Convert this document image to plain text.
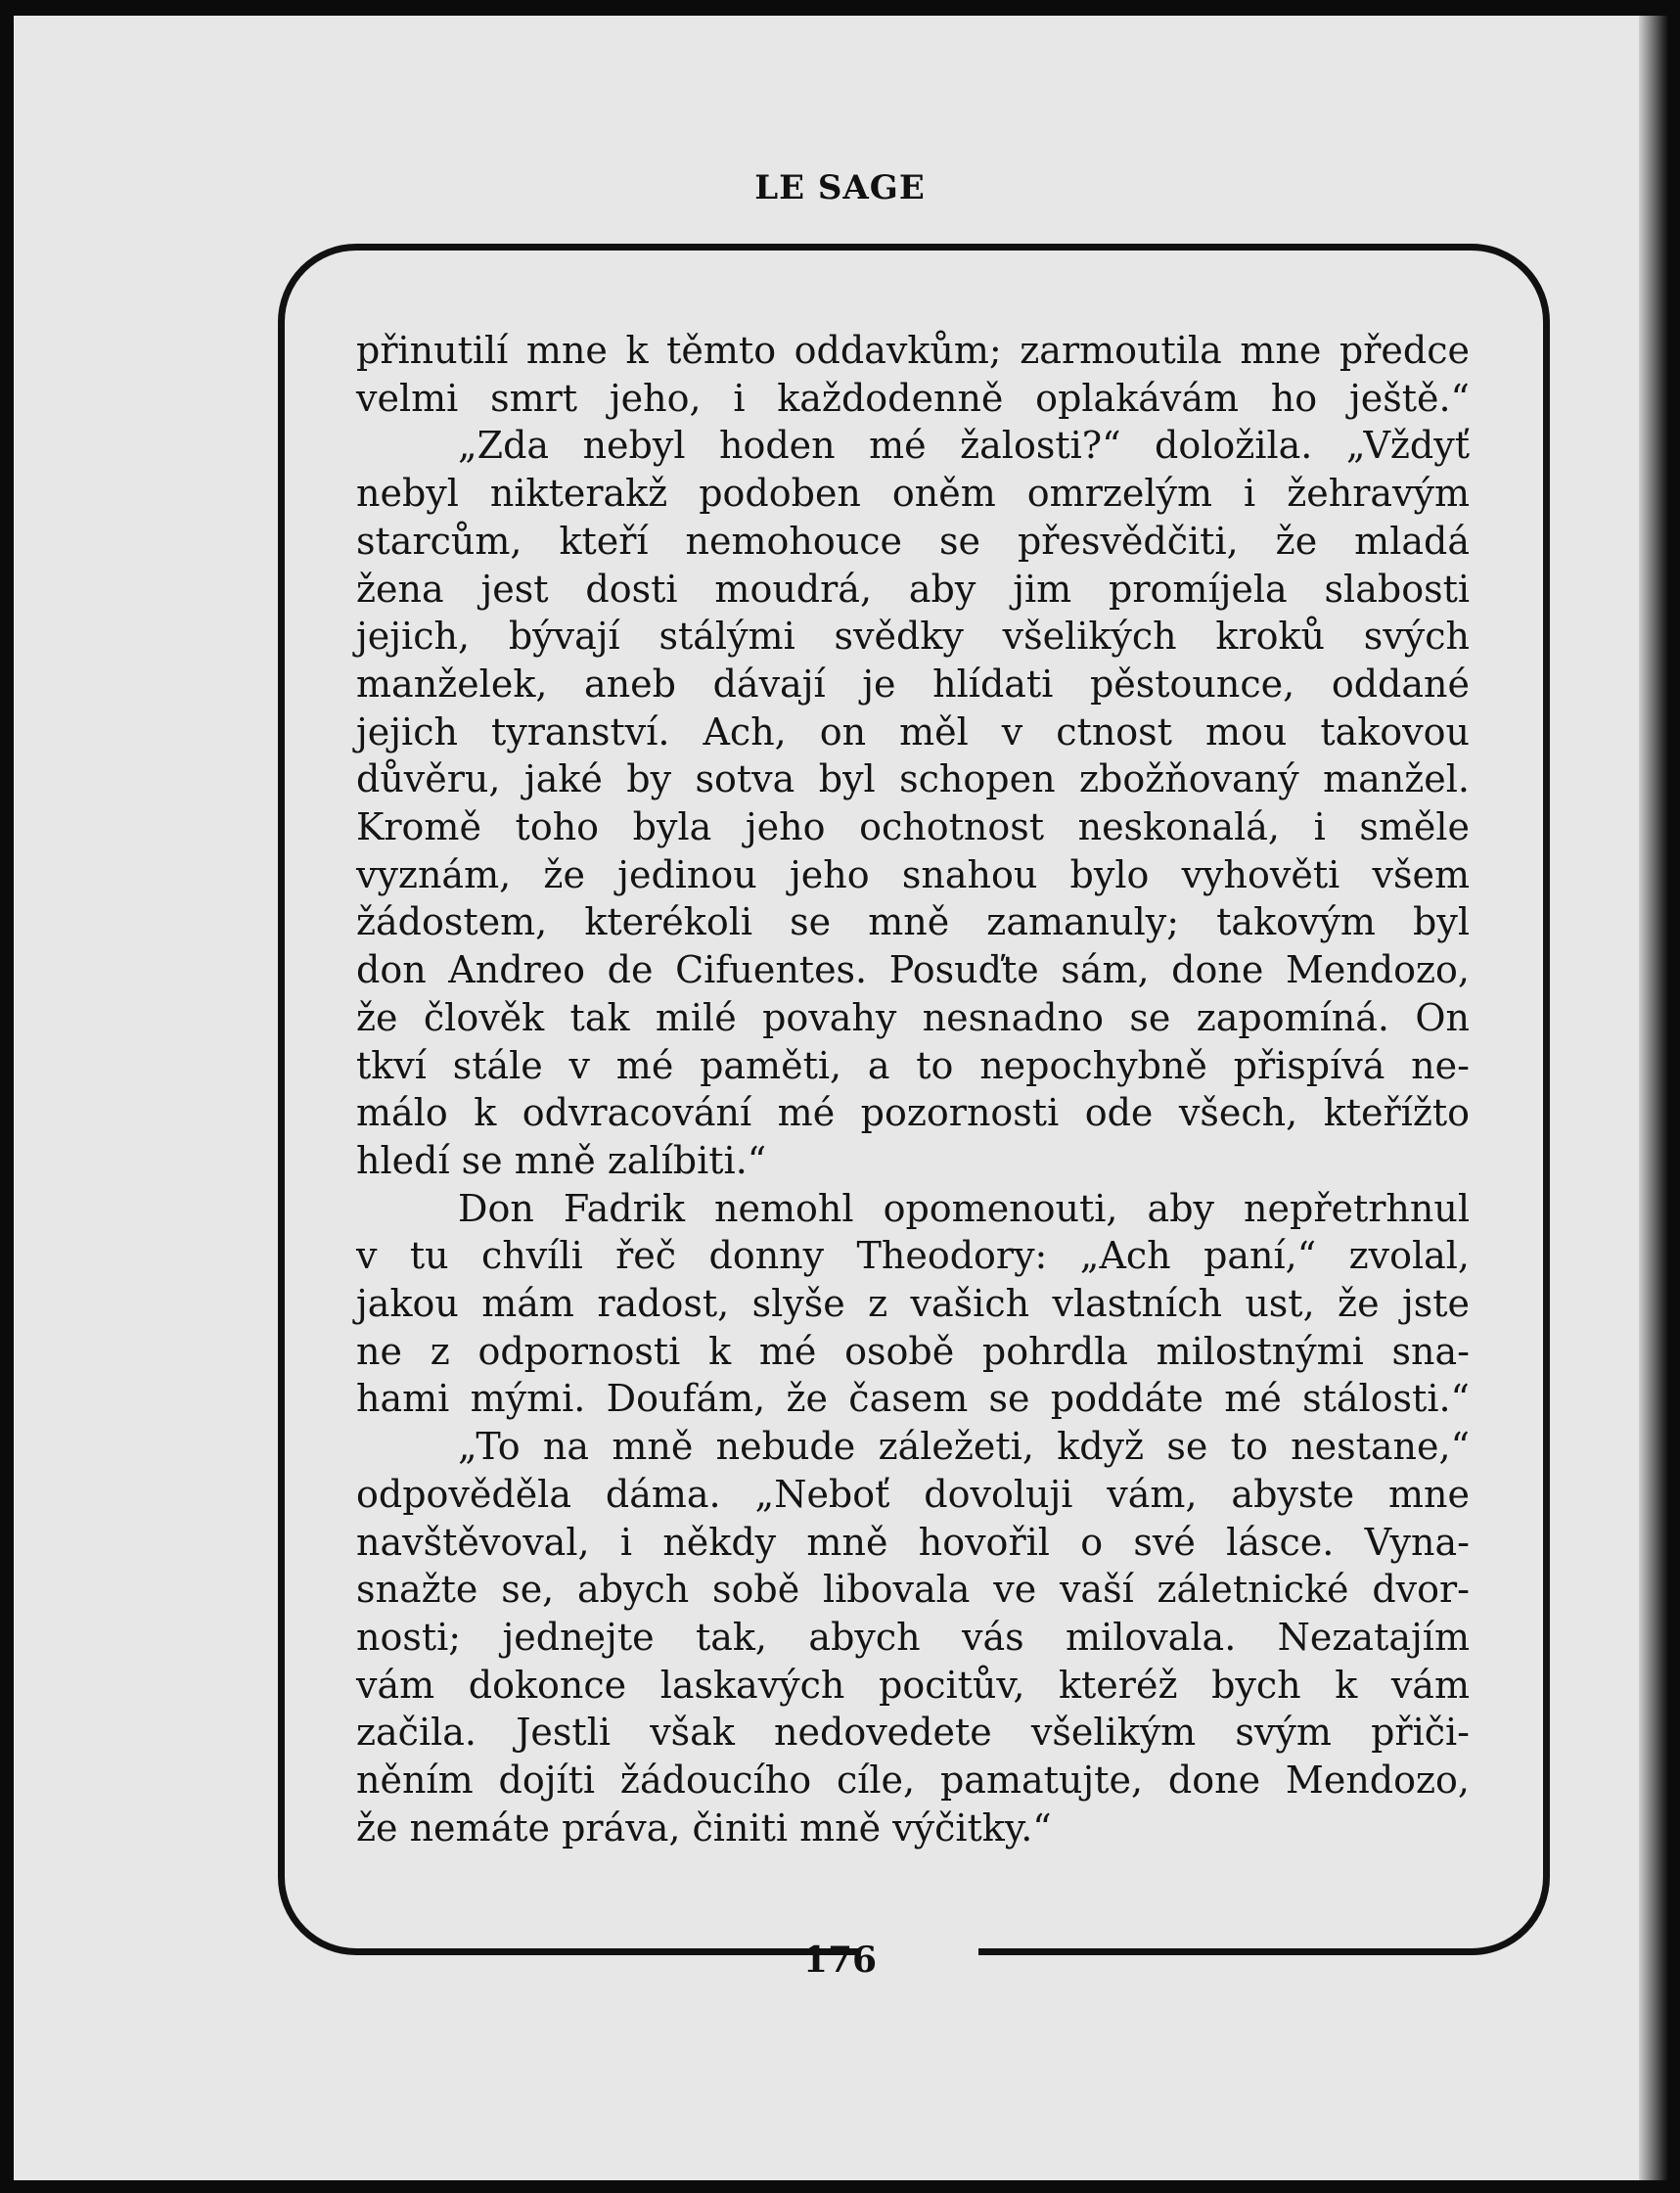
LE SAGE
přinutilí mne k těmto oddavkům; zarmoutila mne předce
velmi smrt jeho, i každodenně oplakávám ho ještě.“
„Zda nebyl hoden mé žalosti?“ doložila. „Vždyť
nebyl nikterakž podoben oněm omrzelým i žehravým
starcům, kteří nemohouce se přesvědčiti, že mladá
žena jest dosti moudrá, aby jim promíjela slabosti
jejich, bývají stálými svědky všelikých kroků svých
manželek, aneb dávají je hlídati pěstounce, oddané
jejich tyranství. Ach, on měl v ctnost mou takovou
důvěru, jaké by sotva byl schopen zbožňovaný manžel.
Kromě toho byla jeho ochotnost neskonalá, i směle
vyznám, že jedinou jeho snahou bylo vyhověti všem
žádostem, kterékoli se mně zamanuly; takovým byl
don Andreo de Cifuentes. Posuďte sám, done Mendozo,
že člověk tak milé povahy nesnadno se zapomíná. On
tkví stále v mé paměti, a to nepochybně přispívá ne-
málo k odvracování mé pozornosti ode všech, kteřížto
hledí se mně zalíbiti.“
Don Fadrik nemohl opomenouti, aby nepřetrhnul
v tu chvíli řeč donny Theodory: „Ach paní,“ zvolal,
jakou mám radost, slyše z vašich vlastních ust, že jste
ne z odpornosti k mé osobě pohrdla milostnými sna-
hami mými. Doufám, že časem se poddáte mé stálosti.“
„To na mně nebude záležeti, když se to nestane,“
odpověděla dáma. „Neboť dovoluji vám, abyste mne
navštěvoval, i někdy mně hovořil o své lásce. Vyna-
snažte se, abych sobě libovala ve vaší záletnické dvor-
nosti; jednejte tak, abych vás milovala. Nezatajím
vám dokonce laskavých pocitův, kteréž bych k vám
začila. Jestli však nedovedete všelikým svým přiči-
něním dojíti žádoucího cíle, pamatujte, done Mendozo,
že nemáte práva, činiti mně výčitky.“
176
